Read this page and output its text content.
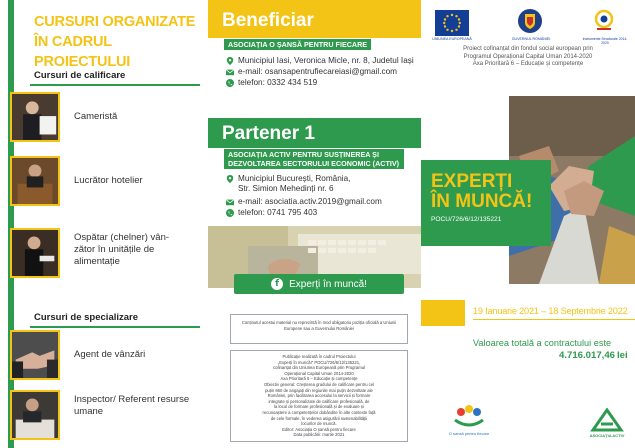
CURSURI ORGANIZATE
ÎN CADRUL PROIECTULUI
Cursuri de calificare
Cameristă
Lucrător hotelier
Ospătar (chelner) vân-
zător în unitățile de
alimentație
Cursuri de specializare
Agent de vânzări
Inspector/ Referent resurse
umane
Beneficiar
ASOCIAȚIA O ȘANSĂ PENTRU FIECARE
Municipiul Iasi, Veronica Micle, nr. 8, Judetul Iași
e-mail: osansapentrufiecareiasi@gmail.com
telefon: 0332 434 519
Partener 1
ASOCIAȚIA ACTIV PENTRU SUSȚINEREA ȘI
DEZVOLTAREA SECTORULUI ECONOMIC (ACTIV)
Municipiul București, România,
Str. Simion Mehedinți nr. 6
e-mail: asociatia.activ.2019@gmail.com
telefon: 0741 795 403
f	Experți în muncă!

Conținutul acestui material nu reprezintă în mod obligatoriu poziția oficială a Uniunii Europene sau a Guvernului României

Publicație realizată în cadrul Proiectului

„Experți în muncă!” POCU/726/6/12/135221,

cofinanțat din Uniunea Europeană prin Programul

Operațional Capital Uman 2014-2020

Axa Prioritară 6 – Educație și competențe

Obiectiv general: Creșterea gradului de calificare pentru cel

puțin 660 de angajați din regiunile mai puțin dezvoltate ale

României, prin facilitarea accesului la servicii și formare

integrate și personalizate de calificare profesională, de

la locul de formare profesională și de evaluare și

recunoaștere a competențelor dobândite în alte contexte față

de cele formale, în vederea asigurării sustenabilității

locurilor de muncă.

Editor: Asociația O șansă pentru fiecare

Data publicării: martie 2021

UNIUNEA EUROPEANĂ	GUVERNUL ROMÂNIEI	Instrumente Structurale 2014-2020
Proiect cofinanțat din fondul social european prin
Programul Operațional Capital Uman 2014-2020
Axa Prioritară 6 – Educație și competențe
EXPERȚI
ÎN MUNCĂ!
POCU/726/6/12/135221
19 Ianuarie 2021 – 18 Septembrie 2022
Valoarea totală a contractului este
4.716.017,46 lei
O șansă pentru fiecare	ASOCIAȚIA ACTIV
